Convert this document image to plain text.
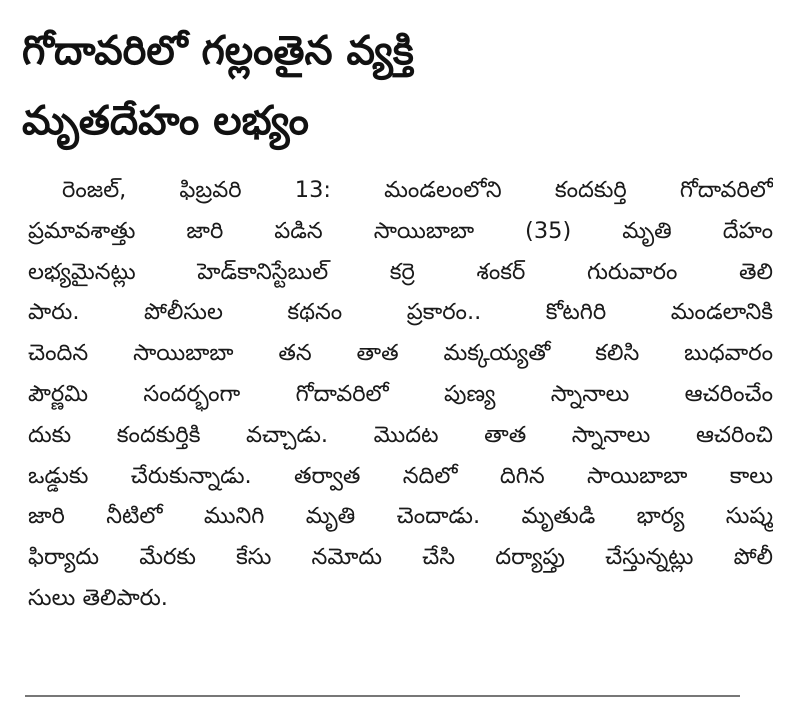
గోదావరిలో గల్లంతైన వ్యక్తి
మృతదేహం లభ్యం
రెంజల్, ఫిబ్రవరి 13: మండలంలోని కందకుర్తి గోదావరిలో
ప్రమావశాత్తు జారి పడిన సాయిబాబా (35) మృతి దేహం
లభ్యమైనట్లు హెడ్‌కానిస్టేబుల్ కర్రె శంకర్ గురువారం తెలి
పారు. పోలీసుల కథనం ప్రకారం.. కోటగిరి మండలానికి
చెందిన సాయిబాబా తన తాత మక్కయ్యతో కలిసి బుధవారం
పౌర్ణమి సందర్భంగా గోదావరిలో పుణ్య స్నానాలు ఆచరించేం
దుకు కందకుర్తికి వచ్చాడు. మొదట తాత స్నానాలు ఆచరించి
ఒడ్డుకు చేరుకున్నాడు. తర్వాత నదిలో దిగిన సాయిబాబా కాలు
జారి నీటిలో మునిగి మృతి చెందాడు. మృతుడి భార్య సుష్మ
ఫిర్యాదు మేరకు కేసు నమోదు చేసి దర్యాప్తు చేస్తున్నట్లు పోలీ
సులు తెలిపారు.
